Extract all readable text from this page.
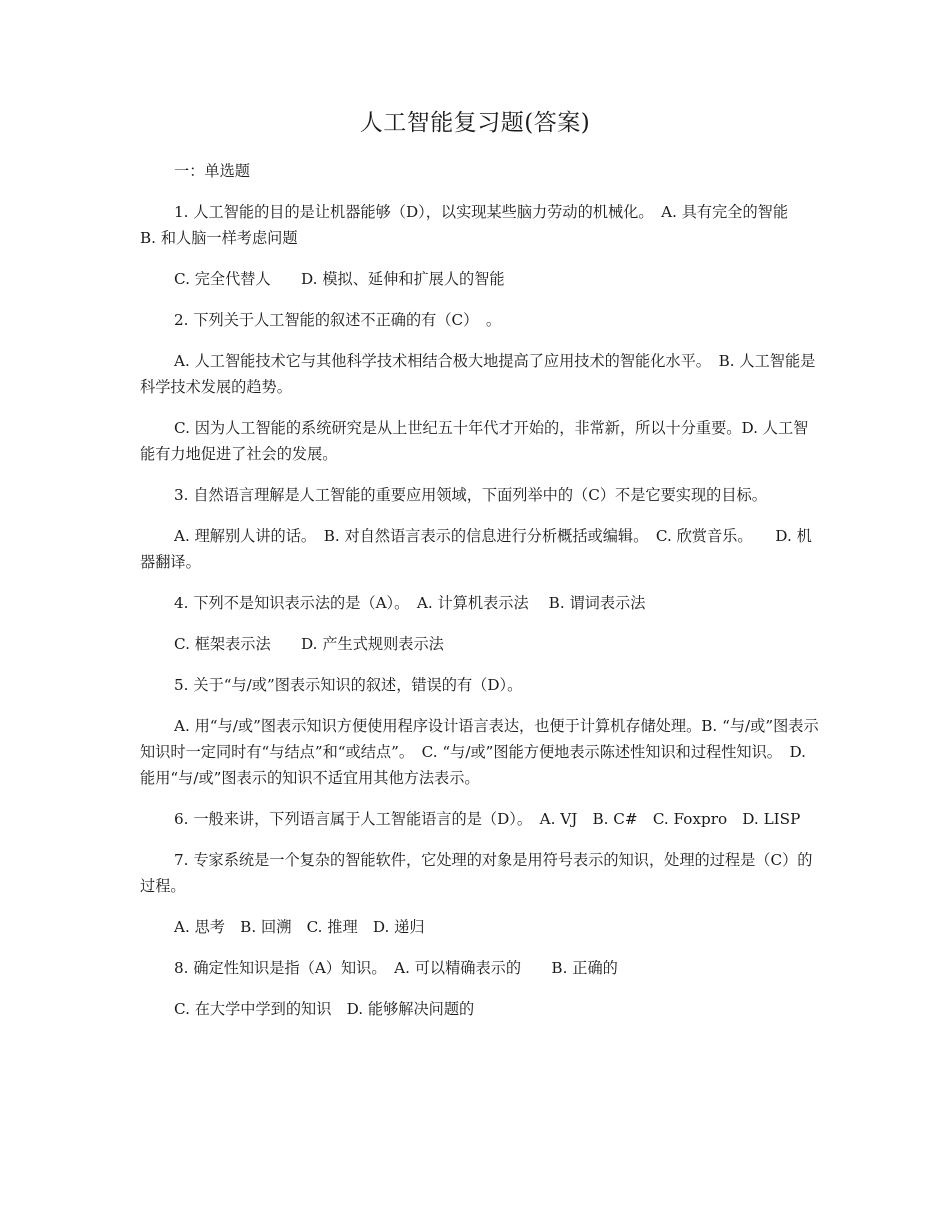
人工智能复习题(答案)

一：单选题

1. 人工智能的目的是让机器能够（D），以实现某些脑力劳动的机械化。　A. 具有完全的智能　 B. 和人脑一样考虑问题

C. 完全代替人　　D. 模拟、延伸和扩展人的智能

2. 下列关于人工智能的叙述不正确的有（C）　。

A. 人工智能技术它与其他科学技术相结合极大地提高了应用技术的智能化水平。　B. 人工智能是科学技术发展的趋势。

C. 因为人工智能的系统研究是从上世纪五十年代才开始的，非常新，所以十分重要。D. 人工智能有力地促进了社会的发展。

3. 自然语言理解是人工智能的重要应用领域，下面列举中的（C）不是它要实现的目标。

A. 理解别人讲的话。　B. 对自然语言表示的信息进行分析概括或编辑。　C. 欣赏音乐。　　D. 机器翻译。

4. 下列不是知识表示法的是（A）。　A. 计算机表示法　 B. 谓词表示法

C. 框架表示法　　D. 产生式规则表示法

5. 关于“与/或”图表示知识的叙述，错误的有（D）。

A. 用“与/或”图表示知识方便使用程序设计语言表达，也便于计算机存储处理。B. “与/或”图表示知识时一定同时有“与结点”和“或结点”。　C. “与/或”图能方便地表示陈述性知识和过程性知识。　D. 能用“与/或”图表示的知识不适宜用其他方法表示。

6. 一般来讲，下列语言属于人工智能语言的是（D）。　A. VJ　B. C#　C. Foxpro　D. LISP

7. 专家系统是一个复杂的智能软件，它处理的对象是用符号表示的知识，处理的过程是（C）的过程。

A. 思考　B. 回溯　C. 推理　D. 递归

8. 确定性知识是指（A）知识。　A. 可以精确表示的　　B. 正确的

C. 在大学中学到的知识　D. 能够解决问题的
